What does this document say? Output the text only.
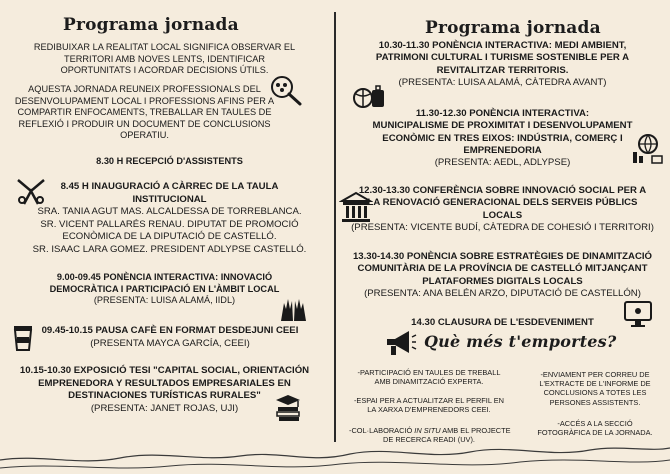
Programa jornada
REDIBUIXAR LA REALITAT LOCAL SIGNIFICA OBSERVAR EL
TERRITORI AMB NOVES LENTS, IDENTIFICAR
OPORTUNITATS I ACORDAR DECISIONS ÚTILS.
AQUESTA JORNADA REUNEIX PROFESSIONALS DEL
DESENVOLUPAMENT LOCAL I PROFESSIONS AFINS PER A
COMPARTIR ENFOCAMENTS, TREBALLAR EN TAULES DE
REFLEXIÓ I PRODUIR UN DOCUMENT DE CONCLUSIONS
OPERATIU.
8.30 H RECEPCIÓ D'ASSISTENTS
8.45 H INAUGURACIÓ A CÀRREC DE LA TAULA
INSTITUCIONAL
SRA. TANIA AGUT MAS. ALCALDESSA DE TORREBLANCA.
SR. VICENT PALLARÉS RENAU. DIPUTAT DE PROMOCIÓ
ECONÒMICA DE LA DIPUTACIÓ DE CASTELLÓ.
SR. ISAAC LARA GOMEZ. PRESIDENT ADLYPSE CASTELLÓ.
9.00-09.45 PONÈNCIA INTERACTIVA: INNOVACIÓ
DEMOCRÀTICA I PARTICIPACIÓ EN L'ÀMBIT LOCAL
(PRESENTA: LUISA ALAMÁ, IIDL)
09.45-10.15 PAUSA CAFÈ EN FORMAT DESDEJUNI CEEI
(PRESENTA MAYCA GARCÍA, CEEI)
10.15-10.30 EXPOSICIÓ TESI "CAPITAL SOCIAL, ORIENTACIÓN
EMPRENEDORA Y RESULTADOS EMPRESARIALES EN
DESTINACIONES TURÍSTICAS RURALES"
(PRESENTA: JANET ROJAS, UJI)
Programa jornada
10.30-11.30 PONÈNCIA INTERACTIVA: MEDI AMBIENT,
PATRIMONI CULTURAL I TURISME SOSTENIBLE PER A
REVITALITZAR TERRITORIS.
(PRESENTA: LUISA ALAMÁ, CÀTEDRA AVANT)
11.30-12.30 PONÈNCIA INTERACTIVA:
MUNICIPALISME DE PROXIMITAT I DESENVOLUPAMENT
ECONÒMIC EN TRES EIXOS: INDÚSTRIA, COMERÇ I
EMPRENEDORIA
(PRESENTA: AEDL, ADLYPSE)
12.30-13.30 CONFERÈNCIA SOBRE INNOVACIÓ SOCIAL PER A
LA RENOVACIÓ GENERACIONAL DELS SERVEIS PÚBLICS
LOCALS
(PRESENTA: VICENTE BUDÍ, CÀTEDRA DE COHESIÓ I TERRITORI)
13.30-14.30 PONÈNCIA SOBRE ESTRATÈGIES DE DINAMITZACIÓ
COMUNITÀRIA DE LA PROVÍNCIA DE CASTELLÓ MITJANÇANT
PLATAFORMES DIGITALS LOCALS
(PRESENTA: ANA BELÉN ARZO, DIPUTACIÓ DE CASTELLÓN)
14.30 CLAUSURA DE L'ESDEVENIMENT
Què més t'emportes?
-PARTICIPACIÓ EN TAULES DE TREBALL
AMB DINAMITZACIÓ EXPERTA.
-ESPAI PER A ACTUALITZAR EL PERFIL EN
LA XARXA D'EMPRENEDORS CEEI.
-COL·LABORACIÓ IN SITU AMB EL PROJECTE
DE RECERCA READI (UV).
-ENVIAMENT PER CORREU DE
L'EXTRACTE DE L'INFORME DE
CONCLUSIONS A TOTES LES
PERSONES ASSISTENTS.
-ACCÉS A LA SECCIÓ
FOTOGRÀFICA DE LA JORNADA.
